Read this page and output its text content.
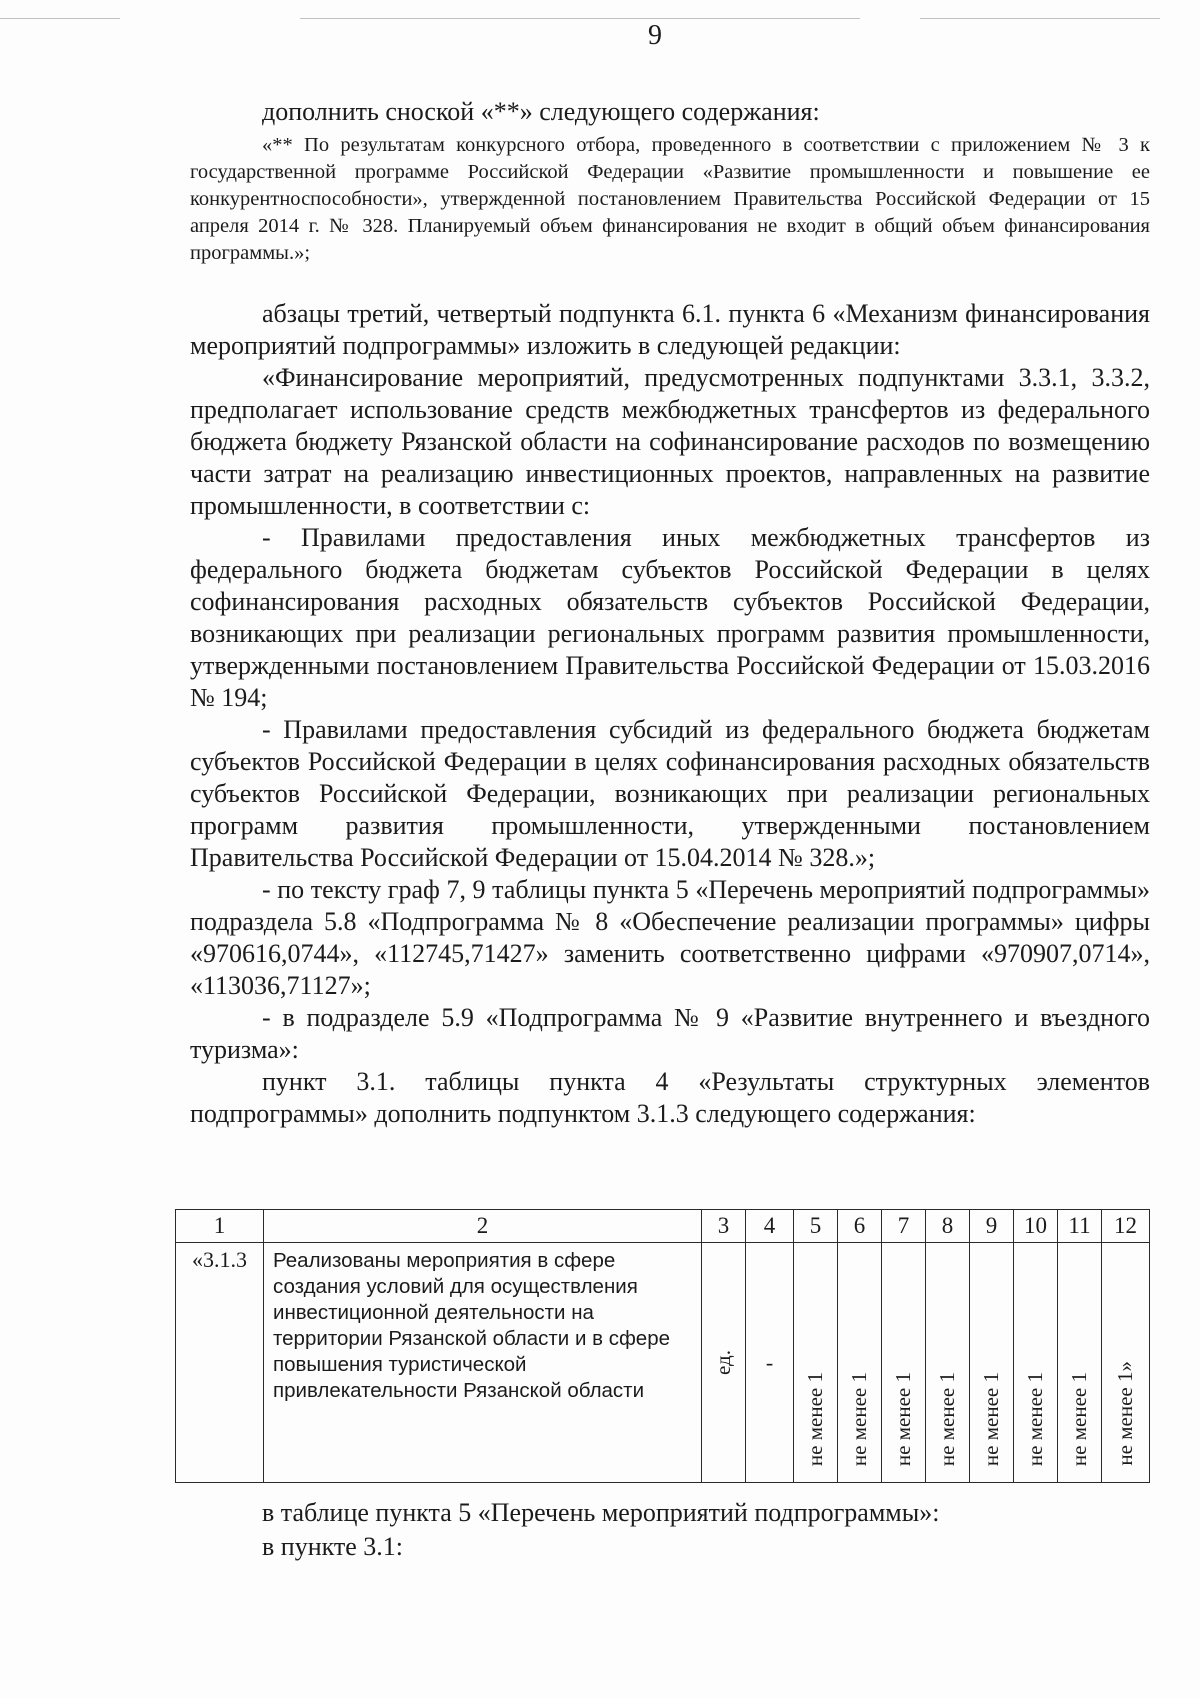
9

дополнить сноской «**» следующего содержания:

«** По результатам конкурсного отбора, проведенного в соответствии с приложением № 3 к государственной программе Российской Федерации «Развитие промышленности и повышение ее конкурентноспособности», утвержденной постановлением Правительства Российской Федерации от 15 апреля 2014 г. № 328. Планируемый объем финансирования не входит в общий объем финансирования программы.»;

абзацы третий, четвертый подпункта 6.1. пункта 6 «Механизм финансирования мероприятий подпрограммы» изложить в следующей редакции:

«Финансирование мероприятий, предусмотренных подпунктами 3.3.1, 3.3.2, предполагает использование средств межбюджетных трансфертов из федерального бюджета бюджету Рязанской области на софинансирование расходов по возмещению части затрат на реализацию инвестиционных проектов, направленных на развитие промышленности, в соответствии с:

- Правилами предоставления иных межбюджетных трансфертов из федерального бюджета бюджетам субъектов Российской Федерации в целях софинансирования расходных обязательств субъектов Российской Федерации, возникающих при реализации региональных программ развития промышленности, утвержденными постановлением Правительства Российской Федерации от 15.03.2016 № 194;

- Правилами предоставления субсидий из федерального бюджета бюджетам субъектов Российской Федерации в целях софинансирования расходных обязательств субъектов Российской Федерации, возникающих при реализации региональных программ развития промышленности, утвержденными постановлением Правительства Российской Федерации от 15.04.2014 № 328.»;

- по тексту граф 7, 9 таблицы пункта 5 «Перечень мероприятий подпрограммы» подраздела 5.8 «Подпрограмма № 8 «Обеспечение реализации программы» цифры «970616,0744», «112745,71427» заменить соответственно цифрами «970907,0714», «113036,71127»;

- в подразделе 5.9 «Подпрограмма № 9 «Развитие внутреннего и въездного туризма»:

пункт 3.1. таблицы пункта 4 «Результаты структурных элементов подпрограммы» дополнить подпунктом 3.1.3 следующего содержания:

1	2	3	4	5	6	7	8	9	10	11	12
«3.1.3	Реализованы мероприятия в сфере создания условий для осуществления инвестиционной деятельности на территории Рязанской области и в сфере повышения туристической привлекательности Рязанской области	ед.	-	не менее 1	не менее 1	не менее 1	не менее 1	не менее 1	не менее 1	не менее 1	не менее 1»
в таблице пункта 5 «Перечень мероприятий подпрограммы»:
в пункте 3.1:
